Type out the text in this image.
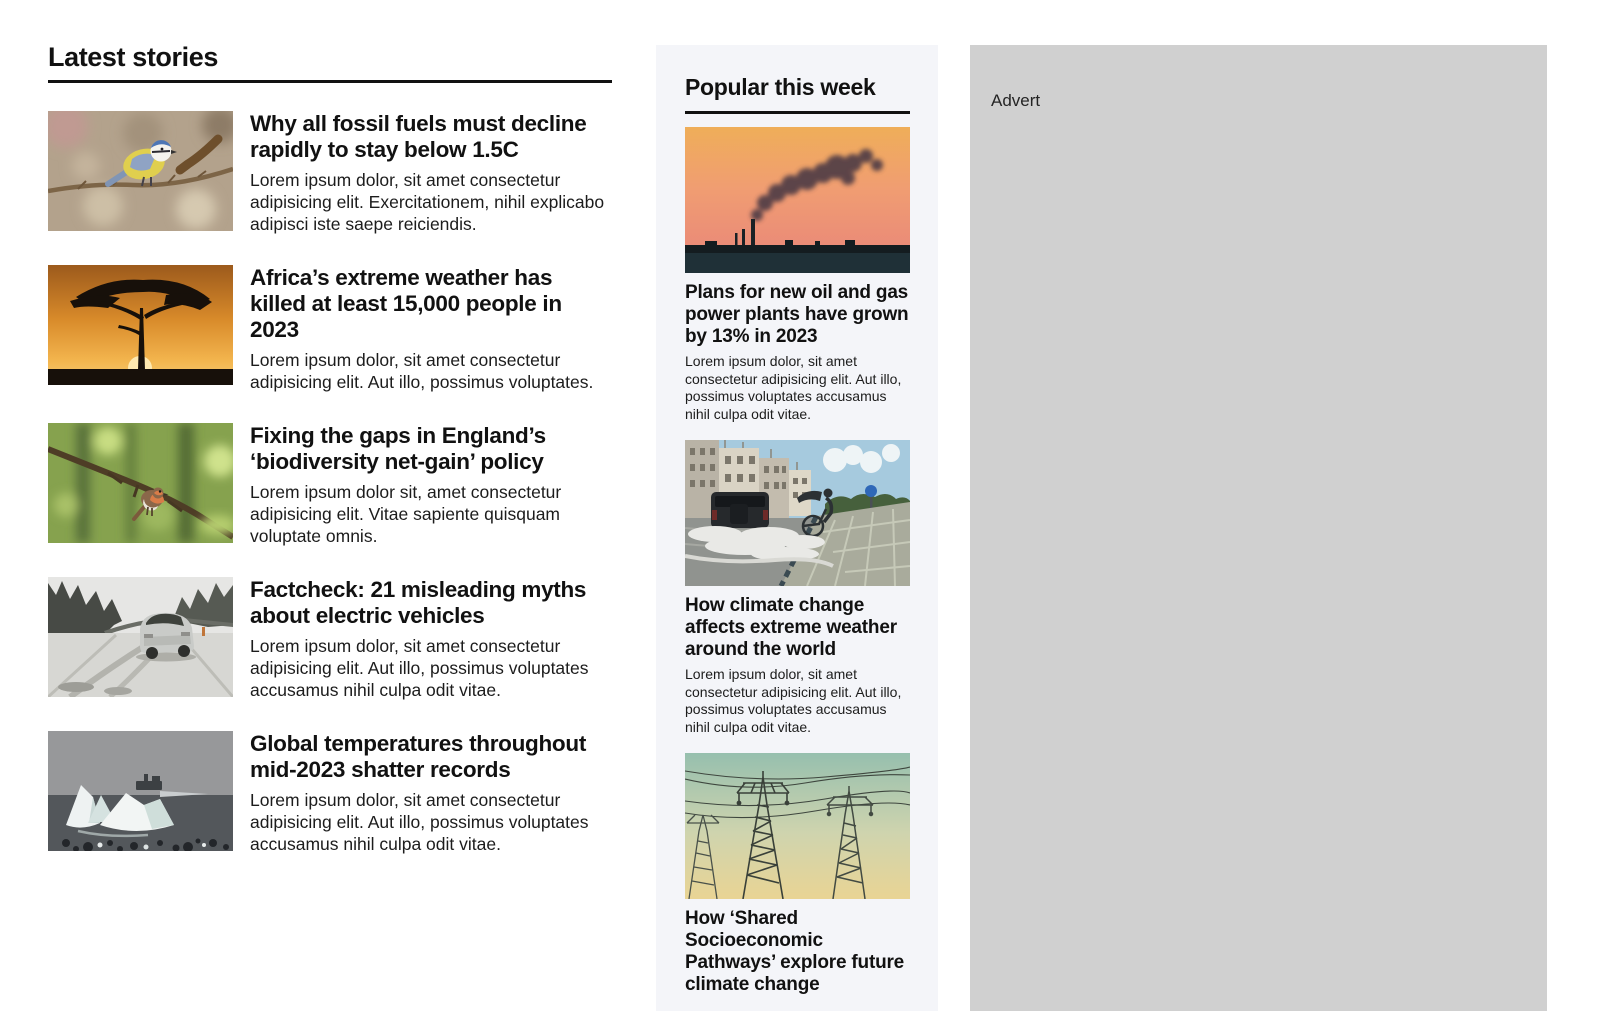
Latest stories
Why all fossil fuels must decline rapidly to stay below 1.5C

Lorem ipsum dolor, sit amet consectetur adipisicing elit. Exercitationem, nihil explicabo adipisci iste saepe reiciendis.

Africa’s extreme weather has killed at least 15,000 people in 2023

Lorem ipsum dolor, sit amet consectetur adipisicing elit. Aut illo, possimus voluptates.

Fixing the gaps in England’s ‘biodiversity net-gain’ policy

Lorem ipsum dolor sit, amet consectetur adipisicing elit. Vitae sapiente quisquam voluptate omnis.

Factcheck: 21 misleading myths about electric vehicles

Lorem ipsum dolor, sit amet consectetur adipisicing elit. Aut illo, possimus voluptates accusamus nihil culpa odit vitae.

Global temperatures throughout mid-2023 shatter records

Lorem ipsum dolor, sit amet consectetur adipisicing elit. Aut illo, possimus voluptates accusamus nihil culpa odit vitae.

Popular this week
Plans for new oil and gas power plants have grown by 13% in 2023

Lorem ipsum dolor, sit amet consectetur adipisicing elit. Aut illo, possimus voluptates accusamus nihil culpa odit vitae.

How climate change affects extreme weather around the world

Lorem ipsum dolor, sit amet consectetur adipisicing elit. Aut illo, possimus voluptates accusamus nihil culpa odit vitae.

How ‘Shared Socioeconomic Pathways’ explore future climate change

Advert
